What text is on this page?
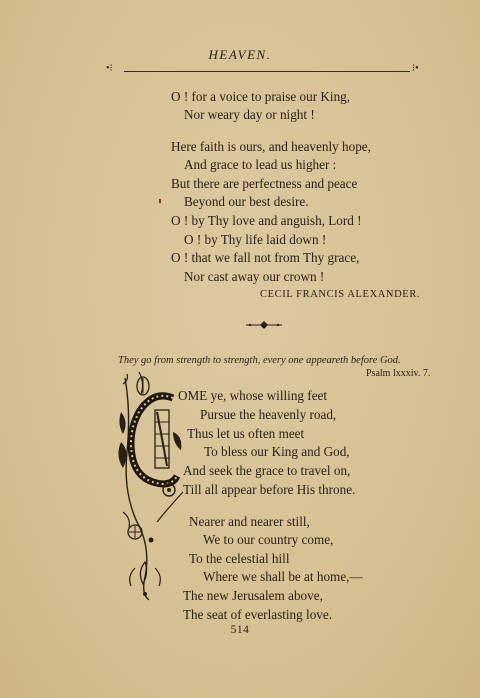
HEAVEN.
•⁝	⁝•
O ! for a voice to praise our King,
Nor weary day or night !
Here faith is ours, and heavenly hope,
And grace to lead us higher :
But there are perfectness and peace
Beyond our best desire.
O ! by Thy love and anguish, Lord !
O ! by Thy life laid down !
O ! that we fall not from Thy grace,
Nor cast away our crown !
CECIL FRANCIS ALEXANDER.
They go from strength to strength, every one appeareth before God.
Psalm lxxxiv. 7.
OME ye, whose willing feet
Pursue the heavenly road,
Thus let us often meet
To bless our King and God,
And seek the grace to travel on,
Till all appear before His throne.
Nearer and nearer still,
We to our country come,
To the celestial hill
Where we shall be at home,—
The new Jerusalem above,
The seat of everlasting love.
514
